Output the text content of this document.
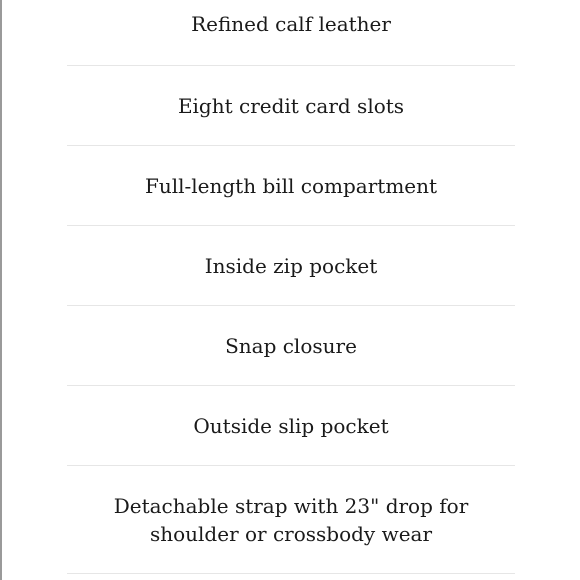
Refined calf leather
Eight credit card slots
Full-length bill compartment
Inside zip pocket
Snap closure
Outside slip pocket
Detachable strap with 23" drop for shoulder or crossbody wear
